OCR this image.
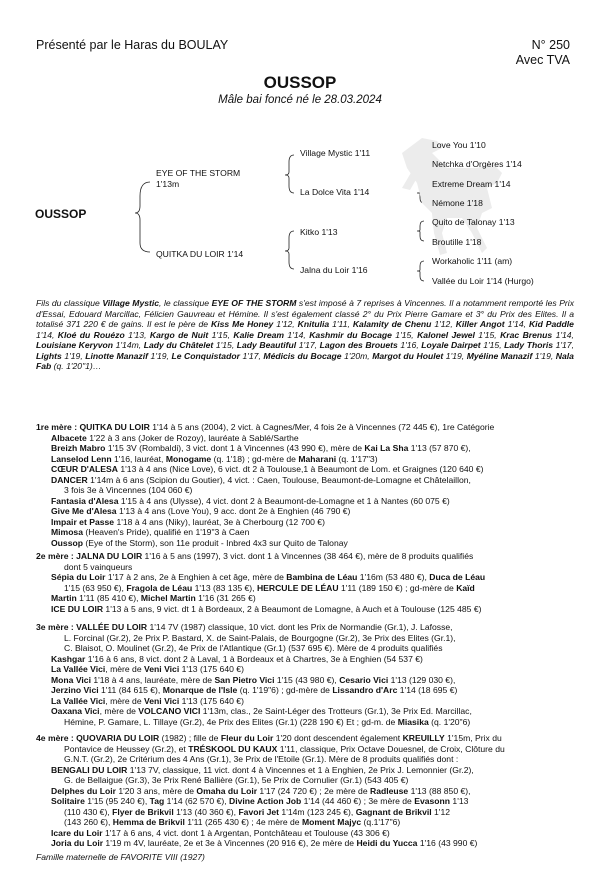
Présenté par le Haras du BOULAY	N° 250
Avec TVA
OUSSOP
Mâle bai foncé né le 28.03.2024
OUSSOP
EYE OF THE STORM
1'13m
QUITKA DU LOIR 1'14
Village Mystic 1'11
La Dolce Vita 1'14
Kitko 1'13
Jalna du Loir 1'16
Love You 1'10
Netchka d'Orgères 1'14
Extreme Dream 1'14
Némone 1'18
Quito de Talonay 1'13
Broutille 1'18
Workaholic 1'11 (am)
Vallée du Loir 1'14 (Hurgo)
Fils du classique Village Mystic, le classique EYE OF THE STORM s'est imposé à 7 reprises à Vincennes. Il a notamment remporté les Prix d'Essai, Edouard Marcillac, Félicien Gauvreau et Hémine. Il s'est également classé 2° du Prix Pierre Gamare et 3° du Prix des Elites. Il a totalisé 371 220 € de gains. Il est le père de Kiss Me Honey 1'12, Knitulia 1'11, Kalamity de Chenu 1'12, Killer Angot 1'14, Kid Paddle 1'14, Kloé du Rouézo 1'13, Kargo de Nuit 1'15, Kalie Dream 1'14, Kashmir du Bocage 1'15, Kalonel Jewel 1'15, Krac Brenus 1'14, Louisiane Keryvon 1'14m, Lady du Châtelet 1'15, Lady Beautiful 1'17, Lagon des Brouets 1'16, Loyale Dairpet 1'15, Lady Thoris 1'17, Lights 1'19, Linotte Manazif 1'19, Le Conquistador 1'17, Médicis du Bocage 1'20m, Margot du Houlet 1'19, Myéline Manazif 1'19, Nala Fab (q. 1'20"1)…
1re mère : QUITKA DU LOIR 1'14 à 5 ans (2004), 2 vict. à Cagnes/Mer, 4 fois 2e à Vincennes (72 445 €), 1re Catégorie
Albacete 1'22 à 3 ans (Joker de Rozoy), lauréate à Sablé/Sarthe
Breizh Mabro 1'15 3V (Rombaldi), 3 vict. dont 1 à Vincennes (43 990 €), mère de Kai La Sha 1'13 (57 870 €),
Lanselod Lenn 1'16, lauréat, Monogame (q. 1'18) ; gd-mère de Maharani (q. 1'17"3)
CŒUR D'ALESA 1'13 à 4 ans (Nice Love), 6 vict. dt 2 à Toulouse,1 à Beaumont de Lom. et Graignes (120 640 €)
DANCER 1'14m à 6 ans (Scipion du Goutier), 4 vict. : Caen, Toulouse, Beaumont-de-Lomagne et Châtelaillon,
3 fois 3e à Vincennes (104 060 €)
Fantasia d'Alesa 1'15 à 4 ans (Ulysse), 4 vict. dont 2 à Beaumont-de-Lomagne et 1 à Nantes (60 075 €)
Give Me d'Alesa 1'13 à 4 ans (Love You), 9 acc. dont 2e à Enghien (46 790 €)
Impair et Passe 1'18 à 4 ans (Niky), lauréat, 3e à Cherbourg (12 700 €)
Mimosa (Heaven's Pride), qualifié en 1'19"3 à Caen
Oussop (Eye of the Storm), son 11e produit - Inbred 4x3 sur Quito de Talonay
2e mère : JALNA DU LOIR 1'16 à 5 ans (1997), 3 vict. dont 1 à Vincennes (38 464 €), mère de 8 produits qualifiés
dont 5 vainqueurs
Sépia du Loir 1'17 à 2 ans, 2e à Enghien à cet âge, mère de Bambina de Léau 1'16m (53 480 €), Duca de Léau
1'15 (63 950 €), Fragola de Léau 1'13 (83 135 €), HERCULE DE LÉAU 1'11 (189 150 €) ; gd-mère de Kaïd
Martin 1'11 (85 410 €), Michel Martin 1'16 (31 265 €)
ICE DU LOIR 1'13 à 5 ans, 9 vict. dt 1 à Bordeaux, 2 à Beaumont de Lomagne, à Auch et à Toulouse (125 485 €)
3e mère : VALLÉE DU LOIR 1'14 7V (1987) classique, 10 vict. dont les Prix de Normandie (Gr.1), J. Lafosse,
L. Forcinal (Gr.2), 2e Prix P. Bastard, X. de Saint-Palais, de Bourgogne (Gr.2), 3e Prix des Elites (Gr.1),
C. Blaisot, O. Moulinet (Gr.2), 4e Prix de l'Atlantique (Gr.1) (537 695 €). Mère de 4 produits qualifiés
Kashgar 1'16 à 6 ans, 8 vict. dont 2 à Laval, 1 à Bordeaux et à Chartres, 3e à Enghien (54 537 €)
La Vallée Vici, mère de Veni Vici 1'13 (175 640 €)
Mona Vici 1'18 à 4 ans, lauréate, mère de San Pietro Vici 1'15 (43 980 €), Cesario Vici 1'13 (129 030 €),
Jerzino Vici 1'11 (84 615 €), Monarque de l'Isle (q. 1'19"6) ; gd-mère de Lissandro d'Arc 1'14 (18 695 €)
La Vallée Vici, mère de Veni Vici 1'13 (175 640 €)
Oaxana Vici, mère de VOLCANO VICI 1'13m, clas., 2e Saint-Léger des Trotteurs (Gr.1), 3e Prix Ed. Marcillac,
Hémine, P. Gamare, L. Tillaye (Gr.2), 4e Prix des Elites (Gr.1) (228 190 €) Et ; gd-m. de Miasika (q. 1'20"6)
4e mère : QUOVARIA DU LOIR (1982) ; fille de Fleur du Loir 1'20 dont descendent également KREUILLY 1'15m, Prix du
Pontavice de Heussey (Gr.2), et TRÉSKOOL DU KAUX 1'11, classique, Prix Octave Douesnel, de Croix, Clôture du
G.N.T. (Gr.2), 2e Critérium des 4 Ans (Gr.1), 3e Prix de l'Etoile (Gr.1). Mère de 8 produits qualifiés dont :
BENGALI DU LOIR 1'13 7V, classique, 11 vict. dont 4 à Vincennes et 1 à Enghien, 2e Prix J. Lemonnier (Gr.2),
G. de Bellaigue (Gr.3), 3e Prix René Ballière (Gr.1), 5e Prix de Cornulier (Gr.1) (543 405 €)
Delphes du Loir 1'20 3 ans, mère de Omaha du Loir 1'17 (24 720 €) ; 2e mère de Radleuse 1'13 (88 850 €),
Solitaire 1'15 (95 240 €), Tag 1'14 (62 570 €), Divine Action Job 1'14 (44 460 €) ; 3e mère de Evasonn 1'13
(110 430 €), Flyer de Brikvil 1'13 (40 360 €), Favori Jet 1'14m (123 245 €), Gagnant de Brikvil 1'12
(143 260 €), Hemma de Brikvil 1'11 (265 430 €) ; 4e mère de Moment Majyc (q.1'17"6)
Icare du Loir 1'17 à 6 ans, 4 vict. dont 1 à Argentan, Pontchâteau et Toulouse (43 306 €)
Joria du Loir 1'19 m 4V, lauréate, 2e et 3e à Vincennes (20 916 €), 2e mère de Heidi du Yucca 1'16 (43 990 €)
Famille maternelle de FAVORITE VIII (1927)
